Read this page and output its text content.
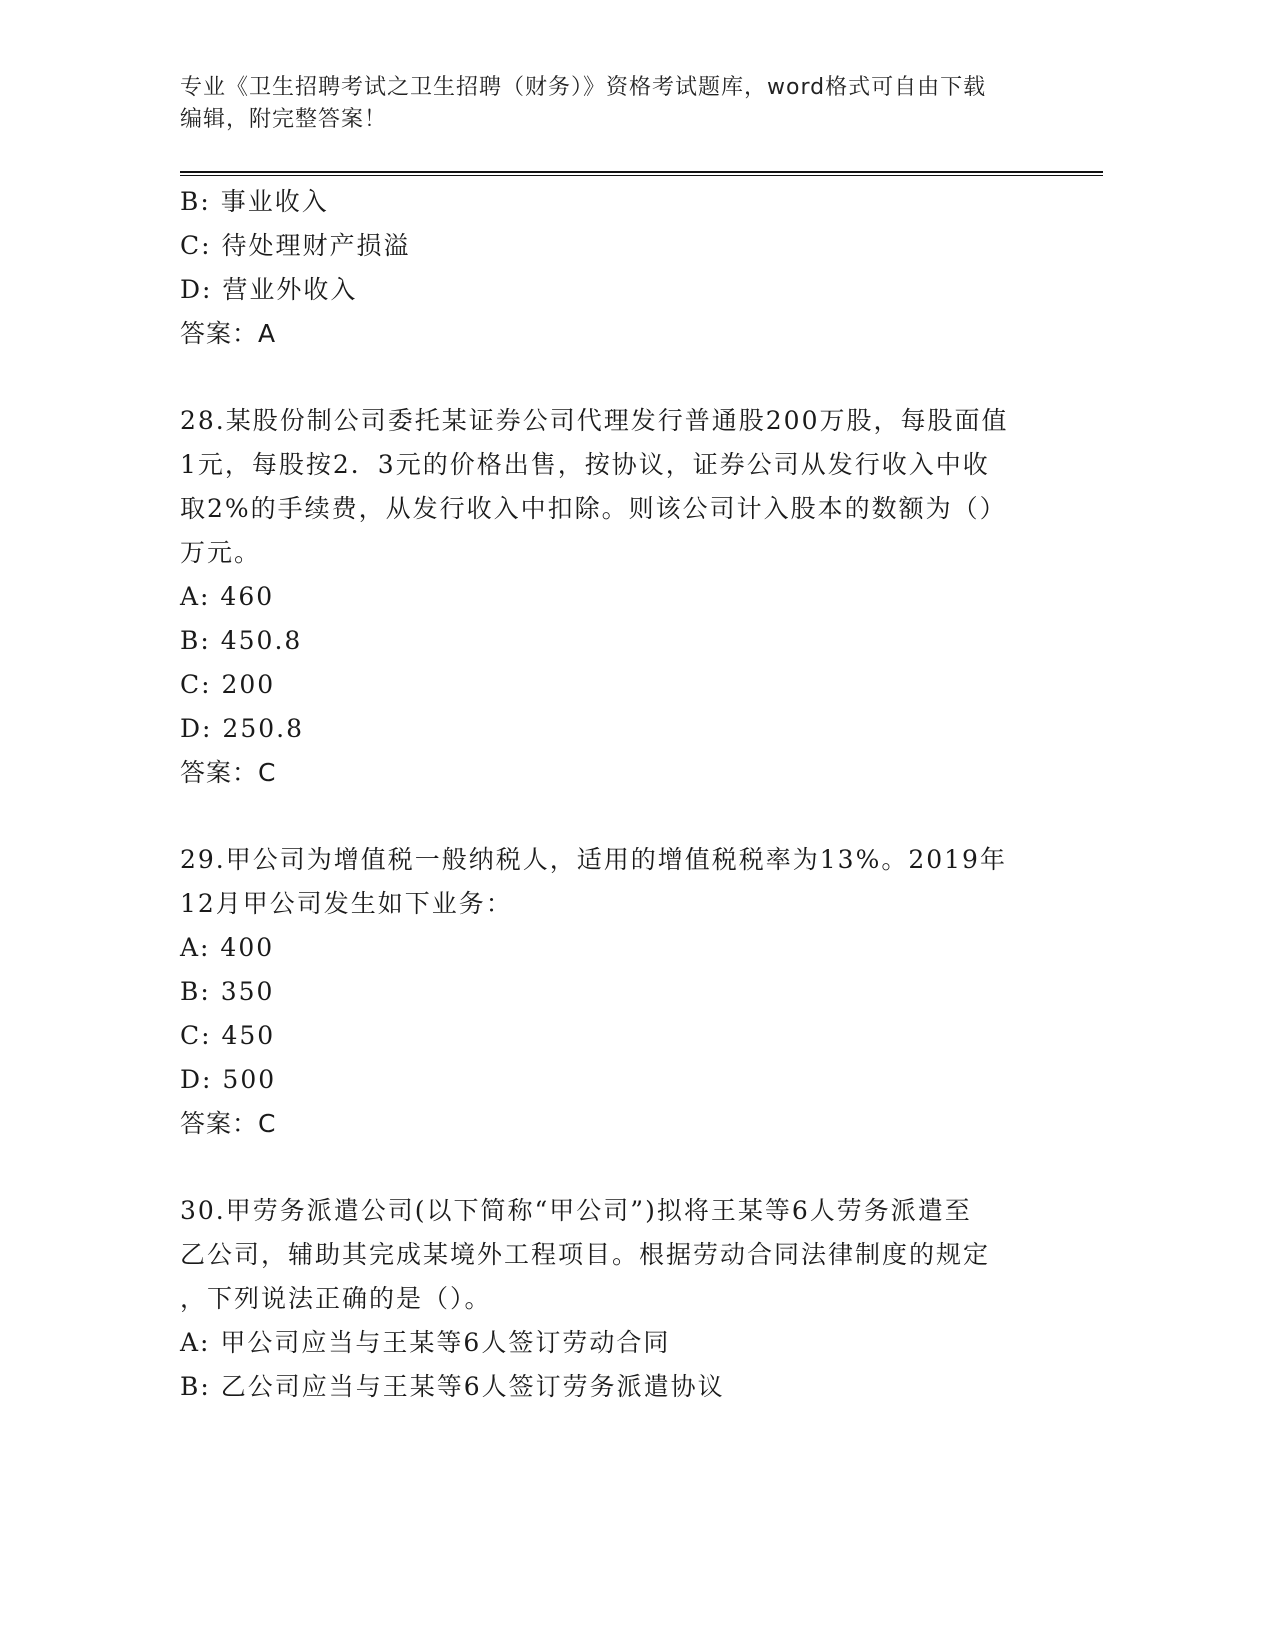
专业《卫生招聘考试之卫生招聘（财务）》资格考试题库，word格式可自由下载
编辑，附完整答案！
B: 事业收入
C: 待处理财产损溢
D: 营业外收入
答案：A
28.某股份制公司委托某证券公司代理发行普通股200万股，每股面值
1元，每股按2．3元的价格出售，按协议，证券公司从发行收入中收
取2%的手续费，从发行收入中扣除。则该公司计入股本的数额为（）
万元。
A: 460
B: 450.8
C: 200
D: 250.8
答案：C
29.甲公司为增值税一般纳税人，适用的增值税税率为13%。2019年
12月甲公司发生如下业务：
A: 400
B: 350
C: 450
D: 500
答案：C
30.甲劳务派遣公司(以下简称“甲公司”)拟将王某等6人劳务派遣至
乙公司，辅助其完成某境外工程项目。根据劳动合同法律制度的规定
，下列说法正确的是（）。
A: 甲公司应当与王某等6人签订劳动合同
B: 乙公司应当与王某等6人签订劳务派遣协议
